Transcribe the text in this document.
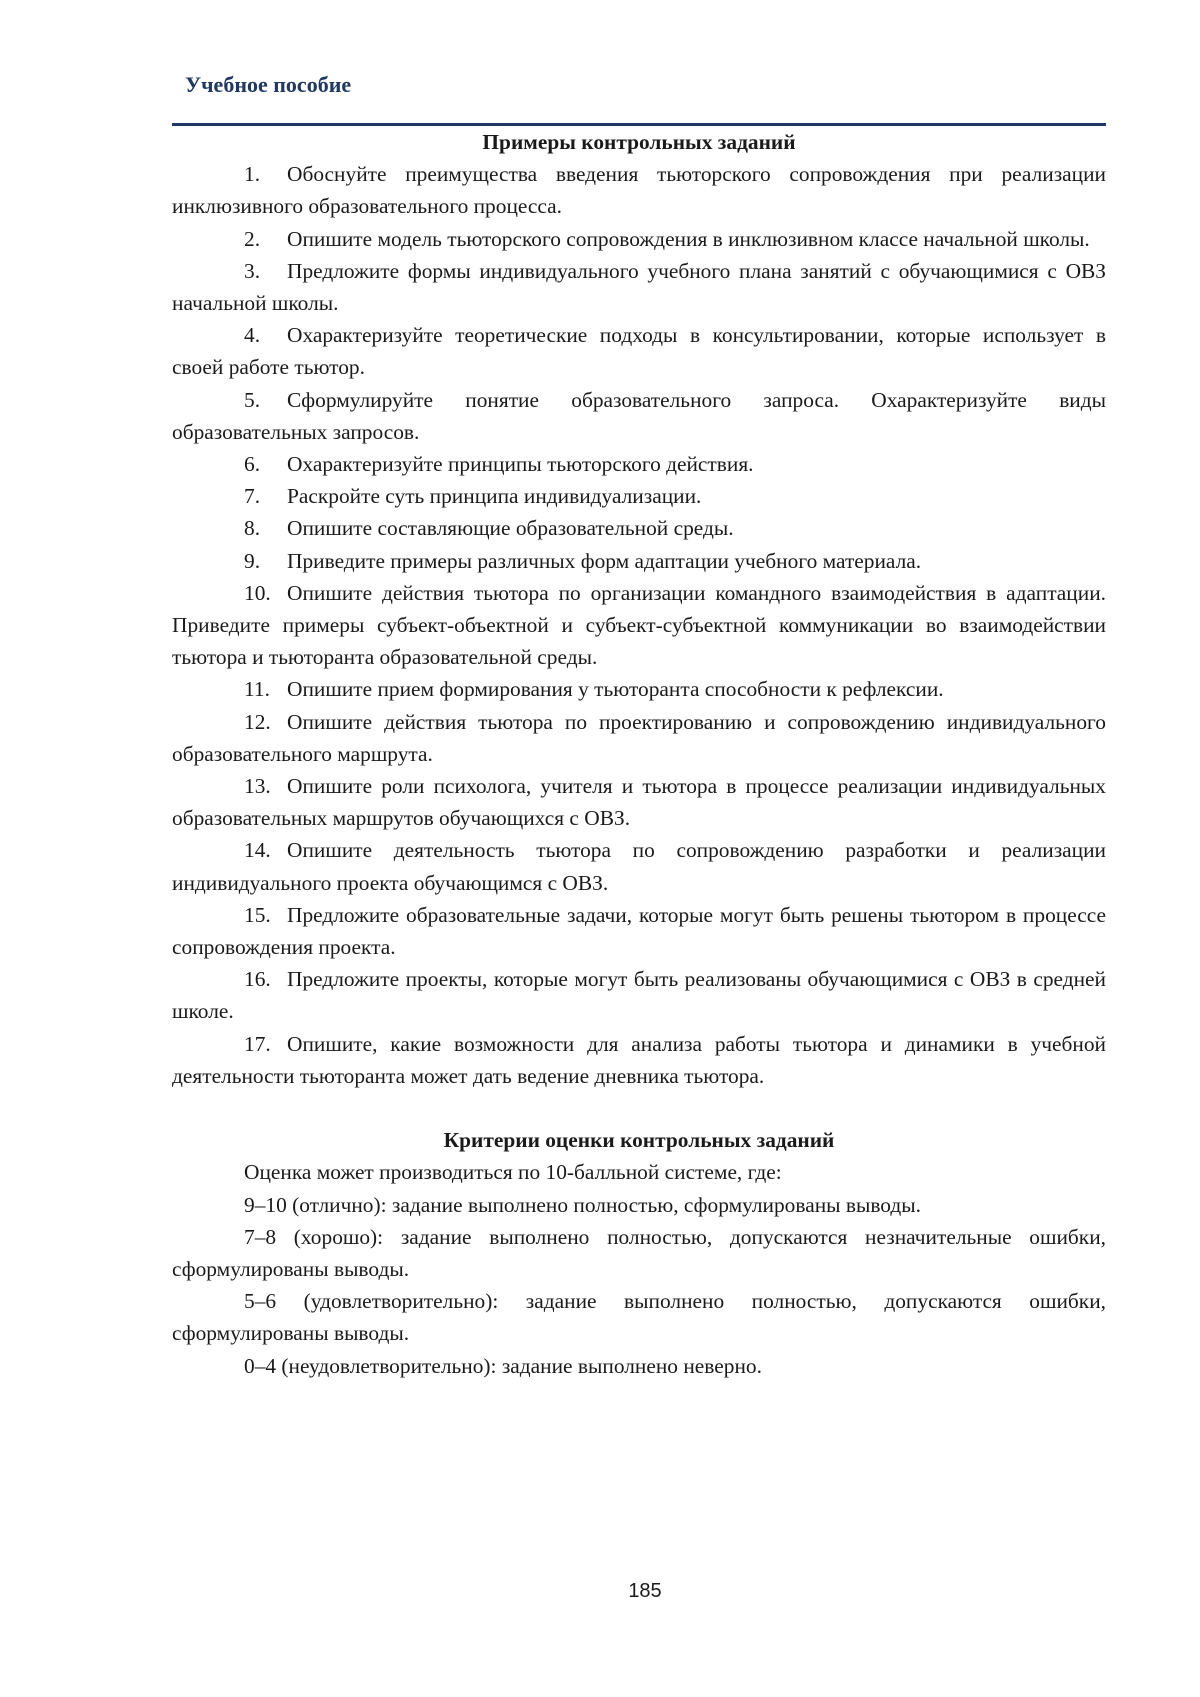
Учебное пособие
Примеры контрольных заданий
1. Обоснуйте преимущества введения тьюторского сопровождения при реализации инклюзивного образовательного процесса.
2. Опишите модель тьюторского сопровождения в инклюзивном классе начальной школы.
3. Предложите формы индивидуального учебного плана занятий с обучающимися с ОВЗ начальной школы.
4. Охарактеризуйте теоретические подходы в консультировании, которые использует в своей работе тьютор.
5. Сформулируйте понятие образовательного запроса. Охарактеризуйте виды образовательных запросов.
6. Охарактеризуйте принципы тьюторского действия.
7. Раскройте суть принципа индивидуализации.
8. Опишите составляющие образовательной среды.
9. Приведите примеры различных форм адаптации учебного материала.
10. Опишите действия тьютора по организации командного взаимодействия в адаптации. Приведите примеры субъект-объектной и субъект-субъектной коммуникации во взаимодействии тьютора и тьюторанта образовательной среды.
11. Опишите прием формирования у тьюторанта способности к рефлексии.
12. Опишите действия тьютора по проектированию и сопровождению индивидуального образовательного маршрута.
13. Опишите роли психолога, учителя и тьютора в процессе реализации индивидуальных образовательных маршрутов обучающихся с ОВЗ.
14. Опишите деятельность тьютора по сопровождению разработки и реализации индивидуального проекта обучающимся с ОВЗ.
15. Предложите образовательные задачи, которые могут быть решены тьютором в процессе сопровождения проекта.
16. Предложите проекты, которые могут быть реализованы обучающимися с ОВЗ в средней школе.
17. Опишите, какие возможности для анализа работы тьютора и динамики в учебной деятельности тьюторанта может дать ведение дневника тьютора.
Критерии оценки контрольных заданий

Оценка может производиться по 10-балльной системе, где:

9–10 (отлично): задание выполнено полностью, сформулированы выводы.

7–8 (хорошо): задание выполнено полностью, допускаются незначительные ошибки, сформулированы выводы.

5–6 (удовлетворительно): задание выполнено полностью, допускаются ошибки, сформулированы выводы.

0–4 (неудовлетворительно): задание выполнено неверно.

185
